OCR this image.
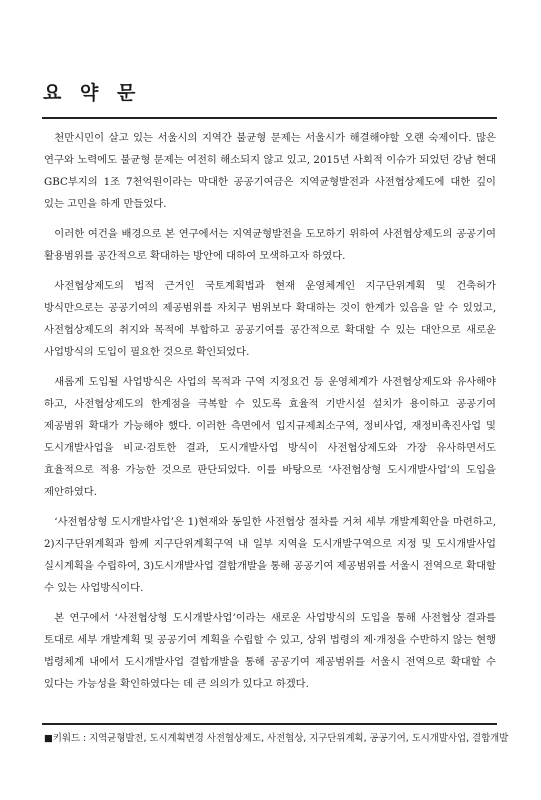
요 약 문

천만시민이 살고 있는 서울시의 지역간 불균형 문제는 서울시가 해결해야할 오랜 숙제이다. 많은 연구와 노력에도 불균형 문제는 여전히 해소되지 않고 있고, 2015년 사회적 이슈가 되었던 강남 현대 GBC부지의 1조 7천억원이라는 막대한 공공기여금은 지역균형발전과 사전협상제도에 대한 깊이 있는 고민을 하게 만들었다.

이러한 여건을 배경으로 본 연구에서는 지역균형발전을 도모하기 위하여 사전협상제도의 공공기여 활용범위를 공간적으로 확대하는 방안에 대하여 모색하고자 하였다.

사전협상제도의 법적 근거인 국토계획법과 현재 운영체계인 지구단위계획 및 건축허가 방식만으로는 공공기여의 제공범위를 자치구 범위보다 확대하는 것이 한계가 있음을 알 수 있었고, 사전협상제도의 취지와 목적에 부합하고 공공기여를 공간적으로 확대할 수 있는 대안으로 새로운 사업방식의 도입이 필요한 것으로 확인되었다.

새롭게 도입될 사업방식은 사업의 목적과 구역 지정요건 등 운영체계가 사전협상제도와 유사해야 하고, 사전협상제도의 한계점을 극복할 수 있도록 효율적 기반시설 설치가 용이하고 공공기여 제공범위 확대가 가능해야 했다. 이러한 측면에서 입지규제최소구역, 정비사업, 재정비촉진사업 및 도시개발사업을 비교·검토한 결과, 도시개발사업 방식이 사전협상제도와 가장 유사하면서도 효율적으로 적용 가능한 것으로 판단되었다. 이를 바탕으로 ‘사전협상형 도시개발사업’의 도입을 제안하였다.

‘사전협상형 도시개발사업’은 1)현재와 동일한 사전협상 절차를 거쳐 세부 개발계획안을 마련하고, 2)지구단위계획과 함께 지구단위계획구역 내 일부 지역을 도시개발구역으로 지정 및 도시개발사업 실시계획을 수립하여, 3)도시개발사업 결합개발을 통해 공공기여 제공범위를 서울시 전역으로 확대할 수 있는 사업방식이다.

본 연구에서 ‘사전협상형 도시개발사업’이라는 새로운 사업방식의 도입을 통해 사전협상 결과를 토대로 세부 개발계획 및 공공기여 계획을 수립할 수 있고, 상위 법령의 제·개정을 수반하지 않는 현행 법령체계 내에서 도시개발사업 결합개발을 통해 공공기여 제공범위를 서울시 전역으로 확대할 수 있다는 가능성을 확인하였다는 데 큰 의의가 있다고 하겠다.

■키워드 : 지역균형발전, 도시계획변경 사전협상제도, 사전협상, 지구단위계획, 공공기여, 도시개발사업, 결합개발
